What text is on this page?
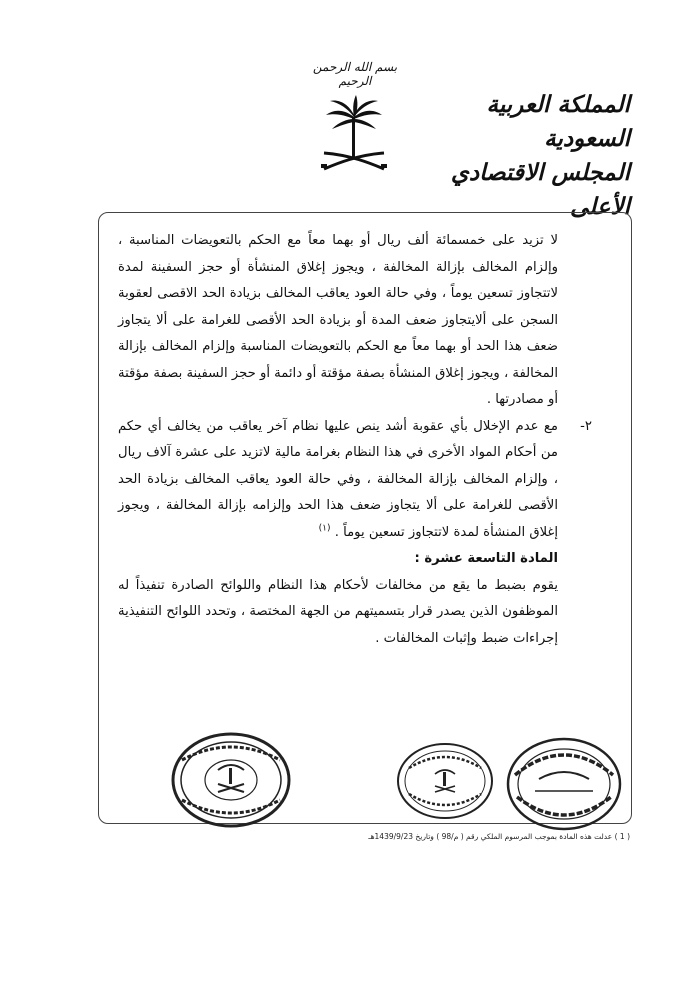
بسم الله الرحمن الرحيم
المملكة العربية السعودية
المجلس الاقتصادي الأعلى

لا تزيد على خمسمائة ألف ريال أو بهما معاً مع الحكم بالتعويضات المناسبة ، وإلزام المخالف بإزالة المخالفة ، ويجوز إغلاق المنشأة أو حجز السفينة لمدة لاتتجاوز تسعين يوماً ، وفي حالة العود يعاقب المخالف بزيادة الحد الاقصى لعقوبة السجن على ألايتجاوز ضعف المدة أو بزيادة الحد الأقصى للغرامة على ألا يتجاوز ضعف هذا الحد أو بهما معاً مع الحكم بالتعويضات المناسبة وإلزام المخالف بإزالة المخالفة ، ويجوز إغلاق المنشأة بصفة مؤقتة أو دائمة أو حجز السفينة بصفة مؤقتة أو مصادرتها .

٢-
مع عدم الإخلال بأي عقوبة أشد ينص عليها نظام آخر يعاقب من يخالف أي حكم من أحكام المواد الأخرى في هذا النظام بغرامة مالية لاتزيد على عشرة آلاف ريال ، وإلزام المخالف بإزالة المخالفة ، وفي حالة العود يعاقب المخالف بزيادة الحد الأقصى للغرامة على ألا يتجاوز ضعف هذا الحد وإلزامه بإزالة المخالفة ، ويجوز إغلاق المنشأة لمدة لاتتجاوز تسعين يوماً . $^{(١)}$

المادة التاسعة عشرة :

يقوم بضبط ما يقع من مخالفات لأحكام هذا النظام واللوائح الصادرة تنفيذاً له الموظفون الذين يصدر قرار بتسميتهم من الجهة المختصة ، وتحدد اللوائح التنفيذية إجراءات ضبط وإثبات المخالفات .

( 1 ) عدلت هذه المادة بموجب المرسوم الملكي رقم ( م/98 ) وتاريخ 1439/9/23هـ
